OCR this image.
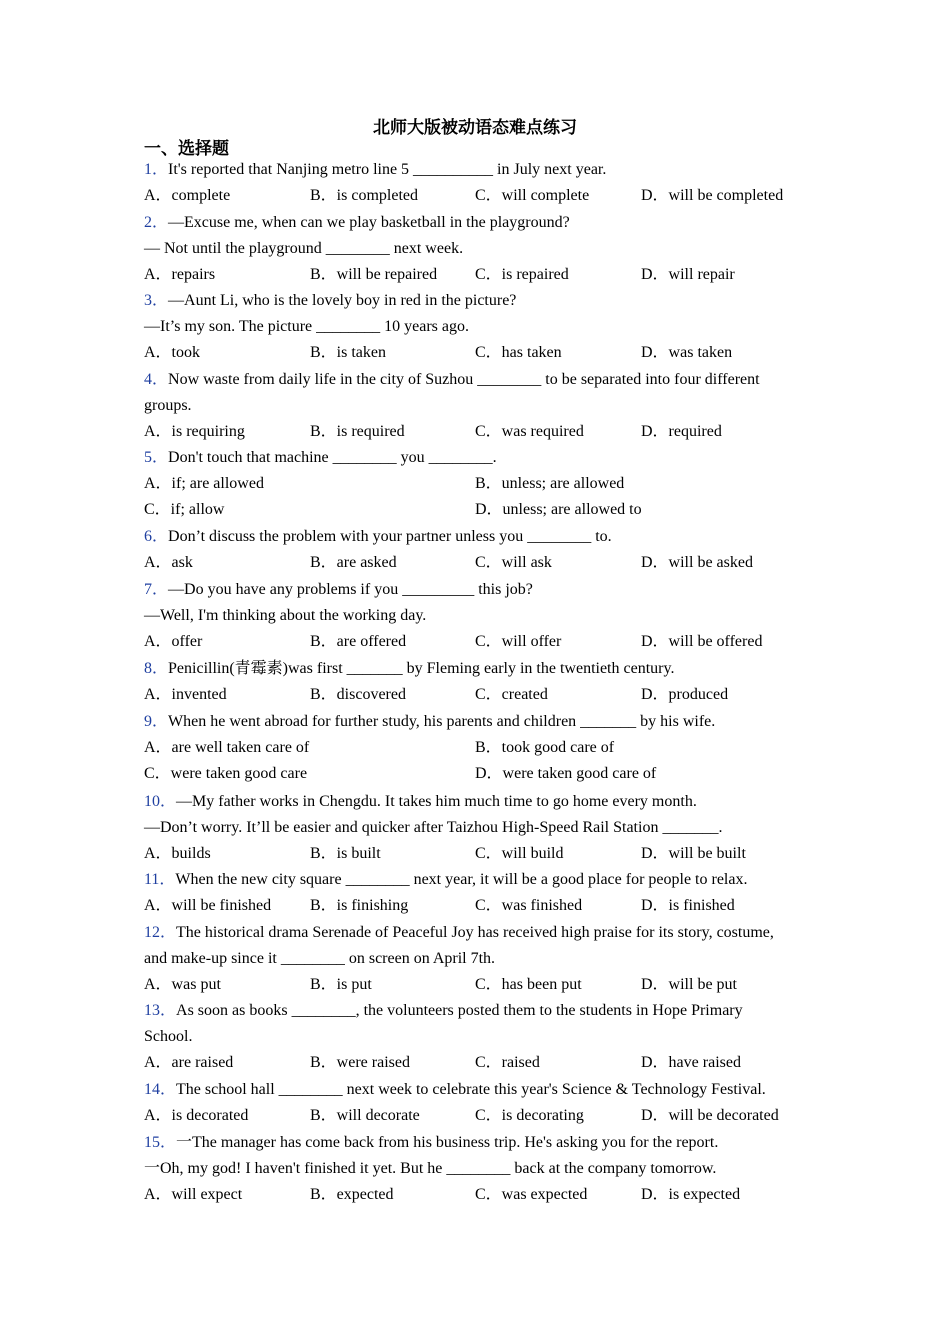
北师大版被动语态难点练习
一、选择题
1．It's reported that Nanjing metro line 5 __________ in July next year.
A．complete	B．is completed	C．will complete	D．will be completed
2．—Excuse me, when can we play basketball in the playground?
— Not until the playground ________ next week.
A．repairs	B．will be repaired C．is repaired	D．will repair
3．—Aunt Li, who is the lovely boy in red in the picture?
—It’s my son. The picture ________ 10 years ago.
A．took	B．is taken	C．has taken	D．was taken
4．Now waste from daily life in the city of Suzhou ________ to be separated into four different
groups.
A．is requiring	B．is required	C．was required	D．required
5．Don't touch that machine ________ you ________.
A．if; are allowed	B．unless; are allowed
C．if; allow	D．unless; are allowed to
6．Don’t discuss the problem with your partner unless you ________ to.
A．ask	B．are asked	C．will ask	D．will be asked
7．—Do you have any problems if you _________ this job?
—Well, I'm thinking about the working day.
A．offer	B．are offered	C．will offer	D．will be offered
8．Penicillin(青霉素)was first _______ by Fleming early in the twentieth century.
A．invented	B．discovered	C．created	D．produced
9．When he went abroad for further study, his parents and children _______ by his wife.
A．are well taken care of	B．took good care of
C．were taken good care	D．were taken good care of
10．—My father works in Chengdu. It takes him much time to go home every month.
—Don’t worry. It’ll be easier and quicker after Taizhou High-Speed Rail Station _______.
A．builds	B．is built	C．will build	D．will be built
11．When the new city square ________ next year, it will be a good place for people to relax.
A．will be finished B．is finishing	C．was finished	D．is finished
12．The historical drama Serenade of Peaceful Joy has received high praise for its story, costume,
and make-up since it ________ on screen on April 7th.
A．was put	B．is put	C．has been put	D．will be put
13．As soon as books ________, the volunteers posted them to the students in Hope Primary
School.
A．are raised	B．were raised	C．raised	D．have raised
14．The school hall ________ next week to celebrate this year's Science & Technology Festival.
A．is decorated	B．will decorate	C．is decorating	D．will be decorated
15．一The manager has come back from his business trip. He's asking you for the report.
一Oh, my god! I haven't finished it yet. But he ________ back at the company tomorrow.
A．will expect	B．expected	C．was expected	D．is expected
